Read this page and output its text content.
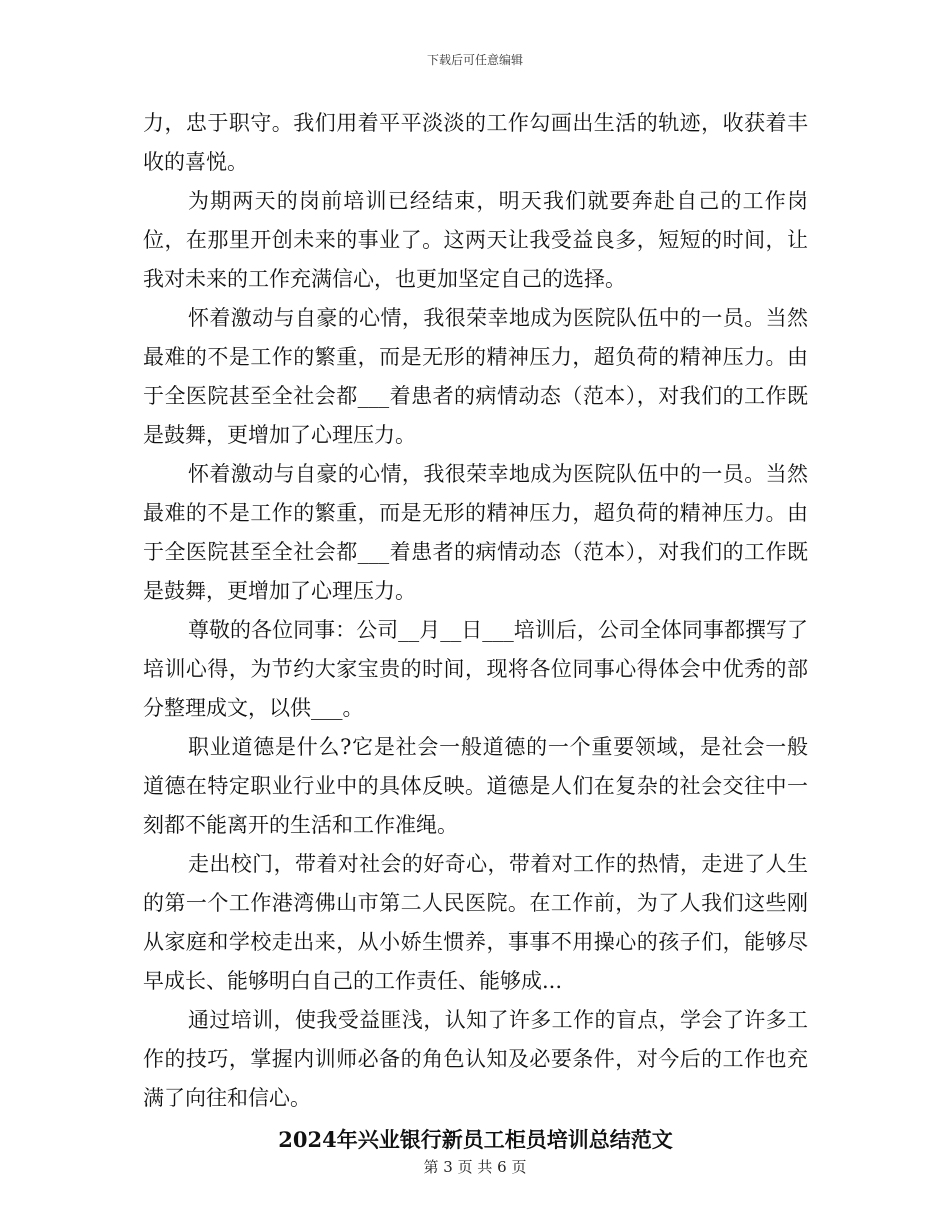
下载后可任意编辑

力，忠于职守。我们用着平平淡淡的工作勾画出生活的轨迹，收获着丰收的喜悦。

为期两天的岗前培训已经结束，明天我们就要奔赴自己的工作岗位，在那里开创未来的事业了。这两天让我受益良多，短短的时间，让我对未来的工作充满信心，也更加坚定自己的选择。

怀着激动与自豪的心情，我很荣幸地成为医院队伍中的一员。当然最难的不是工作的繁重，而是无形的精神压力，超负荷的精神压力。由于全医院甚至全社会都___着患者的病情动态（范本），对我们的工作既是鼓舞，更增加了心理压力。

怀着激动与自豪的心情，我很荣幸地成为医院队伍中的一员。当然最难的不是工作的繁重，而是无形的精神压力，超负荷的精神压力。由于全医院甚至全社会都___着患者的病情动态（范本），对我们的工作既是鼓舞，更增加了心理压力。

尊敬的各位同事：公司__月__日___培训后，公司全体同事都撰写了培训心得，为节约大家宝贵的时间，现将各位同事心得体会中优秀的部分整理成文，以供___。

职业道德是什么?它是社会一般道德的一个重要领域，是社会一般道德在特定职业行业中的具体反映。道德是人们在复杂的社会交往中一刻都不能离开的生活和工作准绳。

走出校门，带着对社会的好奇心，带着对工作的热情，走进了人生的第一个工作港湾佛山市第二人民医院。在工作前，为了人我们这些刚从家庭和学校走出来，从小娇生惯养，事事不用操心的孩子们，能够尽早成长、能够明白自己的工作责任、能够成...

通过培训，使我受益匪浅，认知了许多工作的盲点，学会了许多工作的技巧，掌握内训师必备的角色认知及必要条件，对今后的工作也充满了向往和信心。

2024年兴业银行新员工柜员培训总结范文
第 3 页 共 6 页
